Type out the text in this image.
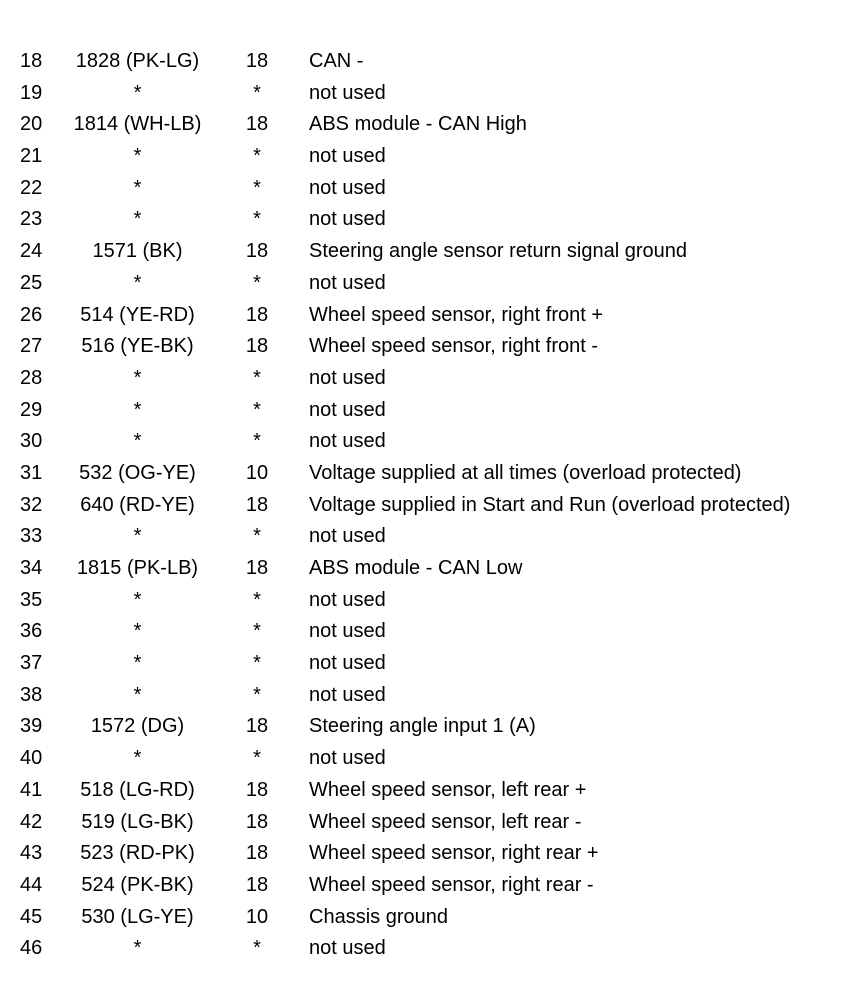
18	1828 (PK-LG)	18	CAN -
19	*	*	not used
20	1814 (WH-LB)	18	ABS module - CAN High
21	*	*	not used
22	*	*	not used
23	*	*	not used
24	1571 (BK)	18	Steering angle sensor return signal ground
25	*	*	not used
26	514 (YE-RD)	18	Wheel speed sensor, right front +
27	516 (YE-BK)	18	Wheel speed sensor, right front -
28	*	*	not used
29	*	*	not used
30	*	*	not used
31	532 (OG-YE)	10	Voltage supplied at all times (overload protected)
32	640 (RD-YE)	18	Voltage supplied in Start and Run (overload protected)
33	*	*	not used
34	1815 (PK-LB)	18	ABS module - CAN Low
35	*	*	not used
36	*	*	not used
37	*	*	not used
38	*	*	not used
39	1572 (DG)	18	Steering angle input 1 (A)
40	*	*	not used
41	518 (LG-RD)	18	Wheel speed sensor, left rear +
42	519 (LG-BK)	18	Wheel speed sensor, left rear -
43	523 (RD-PK)	18	Wheel speed sensor, right rear +
44	524 (PK-BK)	18	Wheel speed sensor, right rear -
45	530 (LG-YE)	10	Chassis ground
46	*	*	not used
